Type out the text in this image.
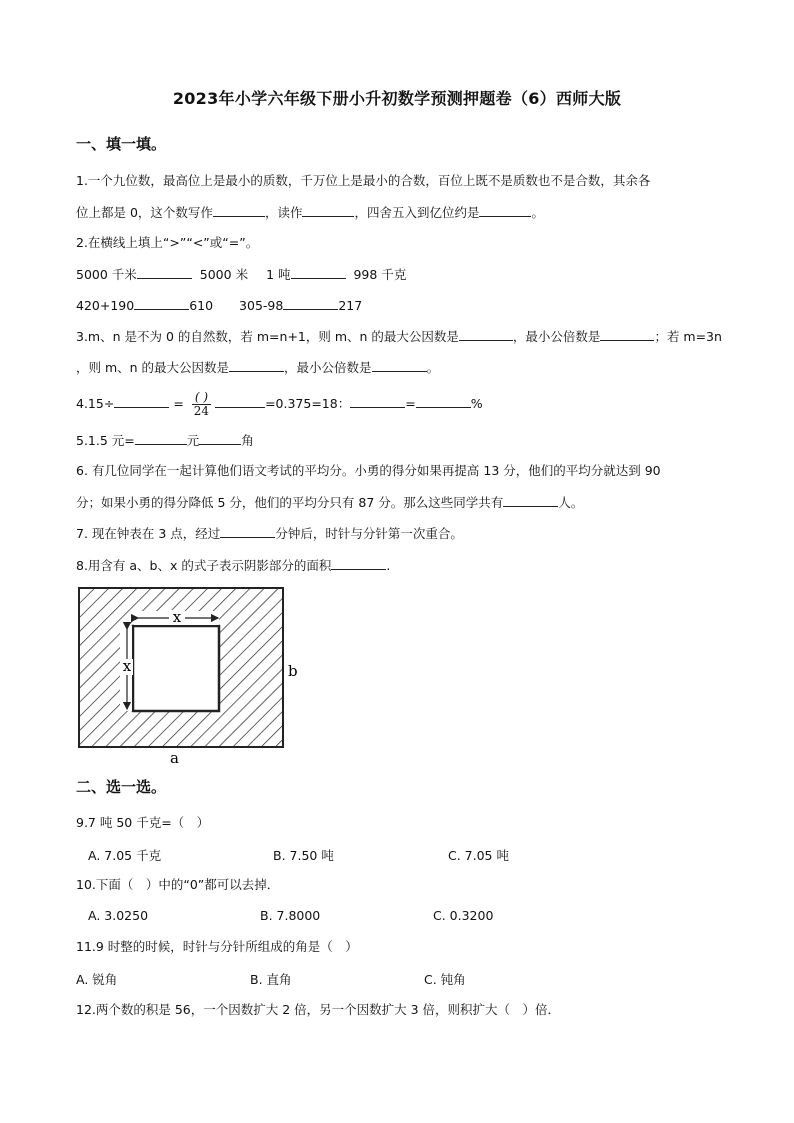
2023年小学六年级下册小升初数学预测押题卷（6）西师大版
一、填一填。
1.一个九位数，最高位上是最小的质数，千万位上是最小的合数，百位上既不是质数也不是合数，其余各
位上都是 0，这个数写作	，读作	，四舍五入到亿位约是	。
2.在横线上填上“>”“<”或“=”。
5000 千米	5000 米 1 吨	998 千克
420+190	610 305-98	217
3.m、n 是不为 0 的自然数，若 m=n+1，则 m、n 的最大公因数是	，最小公倍数是	；若 m=3n
，则 m、n 的最大公因数是	，最小公倍数是	。
4.15÷	= $\frac{( )}{24}$	=0.375=18：	=	%
5.1.5 元=	元	角
6. 有几位同学在一起计算他们语文考试的平均分。小勇的得分如果再提高 13 分，他们的平均分就达到 90
分；如果小勇的得分降低 5 分，他们的平均分只有 87 分。那么这些同学共有	人。
7. 现在钟表在 3 点，经过	分钟后，时针与分针第一次重合。
8.用含有 a、b、x 的式子表示阴影部分的面积	.
x
x	b
a
二、选一选。
9.7 吨 50 千克=（　）
A. 7.05 千克	B. 7.50 吨	C. 7.05 吨
10.下面（　）中的“0”都可以去掉．
A. 3.0250	B. 7.8000	C. 0.3200
11.9 时整的时候，时针与分针所组成的角是（　）
A. 锐角	B. 直角	C. 钝角
12.两个数的积是 56，一个因数扩大 2 倍，另一个因数扩大 3 倍，则积扩大（　）倍．
